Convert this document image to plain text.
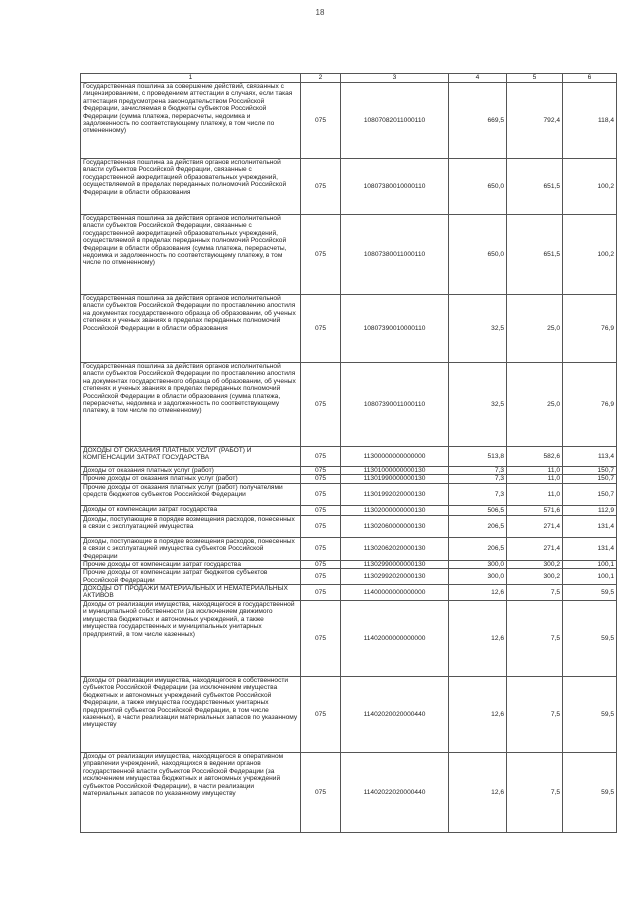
18
1	2	3	4	5	6
Государственная пошлина за совершение действий, связанных с лицензированием, с проведением аттестации в случаях, если такая аттестация предусмотрена законодательством Российской Федерации, зачисляемая в бюджеты субъектов Российской Федерации (сумма платежа, перерасчеты, недоимка и задолженность по соответствующему платежу, в том числе по отмененному)	075	10807082011000110	669,5	792,4	118,4
Государственная пошлина за действия органов исполнительной власти субъектов Российской Федерации, связанные с государственной аккредитацией образовательных учреждений, осуществляемой в пределах переданных полномочий Российской Федерации в области образования	075	10807380010000110	650,0	651,5	100,2
Государственная пошлина за действия органов исполнительной власти субъектов Российской Федерации, связанные с государственной аккредитацией образовательных учреждений, осуществляемой в пределах переданных полномочий Российской Федерации в области образования (сумма платежа, перерасчеты, недоимка и задолженность по соответствующему платежу, в том числе по отмененному)	075	10807380011000110	650,0	651,5	100,2
Государственная пошлина за действия органов исполнительной власти субъектов Российской Федерации по проставлению апостиля на документах государственного образца об образовании, об ученых степенях и ученых званиях в пределах переданных полномочий Российской Федерации в области образования	075	10807390010000110	32,5	25,0	76,9
Государственная пошлина за действия органов исполнительной власти субъектов Российской Федерации по проставлению апостиля на документах государственного образца об образовании, об ученых степенях и ученых званиях в пределах переданных полномочий Российской Федерации в области образования (сумма платежа, перерасчеты, недоимка и задолженность по соответствующему платежу, в том числе по отмененному)	075	10807390011000110	32,5	25,0	76,9
ДОХОДЫ ОТ ОКАЗАНИЯ ПЛАТНЫХ УСЛУГ (РАБОТ) И КОМПЕНСАЦИИ ЗАТРАТ ГОСУДАРСТВА	075	11300000000000000	513,8	582,6	113,4
Доходы от оказания платных услуг (работ)	075	11301000000000130	7,3	11,0	150,7
Прочие доходы от оказания платных услуг (работ)	075	11301990000000130	7,3	11,0	150,7
Прочие доходы от оказания платных услуг (работ) получателями средств бюджетов субъектов Российской Федерации	075	11301992020000130	7,3	11,0	150,7
Доходы от компенсации затрат государства	075	11302000000000130	506,5	571,6	112,9
Доходы, поступающие в порядке возмещения расходов, понесенных в связи с эксплуатацией имущества	075	11302060000000130	206,5	271,4	131,4
Доходы, поступающие в порядке возмещения расходов, понесенных в связи с эксплуатацией имущества субъектов Российской Федерации	075	11302062020000130	206,5	271,4	131,4
Прочие доходы от компенсации затрат государства	075	11302990000000130	300,0	300,2	100,1
Прочие доходы от компенсации затрат бюджетов субъектов Российской Федерации	075	11302992020000130	300,0	300,2	100,1
ДОХОДЫ ОТ ПРОДАЖИ МАТЕРИАЛЬНЫХ И НЕМАТЕРИАЛЬНЫХ АКТИВОВ	075	11400000000000000	12,6	7,5	59,5
Доходы от реализации имущества, находящегося в государственной и муниципальной собственности (за исключением движимого имущества бюджетных и автономных учреждений, а также имущества государственных и муниципальных унитарных предприятий, в том числе казенных)	075	11402000000000000	12,6	7,5	59,5
Доходы от реализации имущества, находящегося в собственности субъектов Российской Федерации (за исключением имущества бюджетных и автономных учреждений субъектов Российской Федерации, а также имущества государственных унитарных предприятий субъектов Российской Федерации, в том числе казенных), в части реализации материальных запасов по указанному имуществу	075	11402020020000440	12,6	7,5	59,5
Доходы от реализации имущества, находящегося в оперативном управлении учреждений, находящихся в ведении органов государственной власти субъектов Российской Федерации (за исключением имущества бюджетных и автономных учреждений субъектов Российской Федерации), в части реализации материальных запасов по указанному имуществу	075	11402022020000440	12,6	7,5	59,5
